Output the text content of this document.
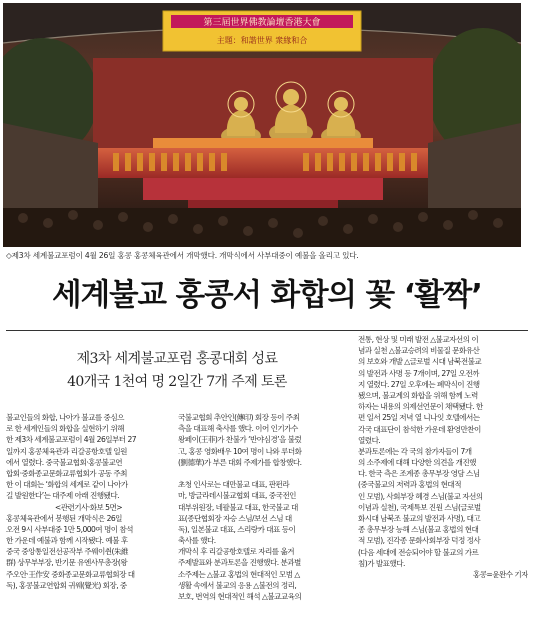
第三屆世界佛教論壇香港大會
主題：和諧世界 衆緣和合
◇제3차 세계불교포럼이 4월 26일 홍콩 홍콩체육관에서 개막했다. 개막식에서 사부대중이 예불을 올리고 있다.
세계불교 홍콩서 화합의 꽃 ‘활짝’
제3차 세계불교포럼 홍콩대회 성료
40개국 1천여 명 2일간 7개 주제 토론

불교인들의 화합, 나아가 불교를 중심으

로 한 세계인들의 화합을 실현하기 위해

한 제3차 세계불교포럼이 4월 26일부터 27

일까지 홍콩체육관과 리갈공항호텔 일원

에서 열렸다. 중국불교협회·홍콩불교연

합회·중화종교문화교류협회가 공동 주최

한 이 대회는 ‘화합의 세계로 같이 나아가

길 발원한다’는 대주제 아래 진행됐다.

<관련기사·화보 5면>

홍콩체육관에서 봉행된 개막식은 26일

오전 9시 사부대중 1만 5,000여 명이 참석

한 가운데 예불과 함께 시작됐다. 예불 후

중국 중앙통일전선공작부 주웨이췬(朱維

群) 상무부부장, 반기문 유엔사무총장(왕

주오안·王作安 중화종교문화교류협회장 대

독), 홍콩불교연합회 귀웨(覺光) 회장, 중

국불교협회 추안인(傳印) 회장 등이 주최

측을 대표해 축사를 했다. 이어 인기가수

왕페이(王菲)가 찬불가 ‘반야심경’을 불렀

고, 홍콩 영화배우 10여 명이 나와 루더화

(劉德華)가 부른 대회 주제가를 합창했다.

초청 인사로는 대만불교 대표, 판펀라

마, 방글라데시불교협회 대표, 중국전인

대부위원장, 네팔불교 대표, 한국불교 대

표(종단협회장 자승 스님/보선 스님 대

독), 일본불교 대표, 스리랑카 대표 등이

축사를 했다.

개막식 후 리갈공항호텔로 자리를 옮겨

주제발표와 분과토론을 진행했다. 분과별

소주제는 △불교 홍법의 현대적인 모범 △

생활 속에서 불교의 응용 △불전의 정리,

보호, 번역의 현대적인 해석 △불교교육의

전통, 현상 및 미래 발전 △불교자선의 이

념과 실천 △불교승려의 비물질 문화유산

의 보호와 개발 △글로벌 시대 남북전불교

의 발전과 사명 등 7개이며, 27일 오전까

지 열렸다. 27일 오후에는 폐막식이 진행

됐으며, 불교계의 화합을 위해 함께 노력

하자는 내용의 의제선언문이 채택됐다. 한

편 일서 25일 저녁 열 니나잇 호텔에서는

각국 대표단이 참석한 가운데 환영만찬이

열렸다.

분과토론에는 각 국의 참가자들이 7개

의 소주제에 대해 다양한 의견을 개진했

다. 한국 측은 조계종 총무부장 영담 스님

(중국불교의 저력과 홍법의 현대적

인 모범), 사회부장 혜경 스님(불교 자선의

이념과 실천), 국제특보 진원 스님(글로벌

화시대 남북조 불교의 발전과 사명), 대고

종 총무부장 능해 스님(불교 홍법의 현대

적 모범), 진각종 문화사회부장 덕정 정사

(다음 세대에 전승되어야 할 불교의 가르

침)가 발표했다.

홍콩=윤완수 기자
